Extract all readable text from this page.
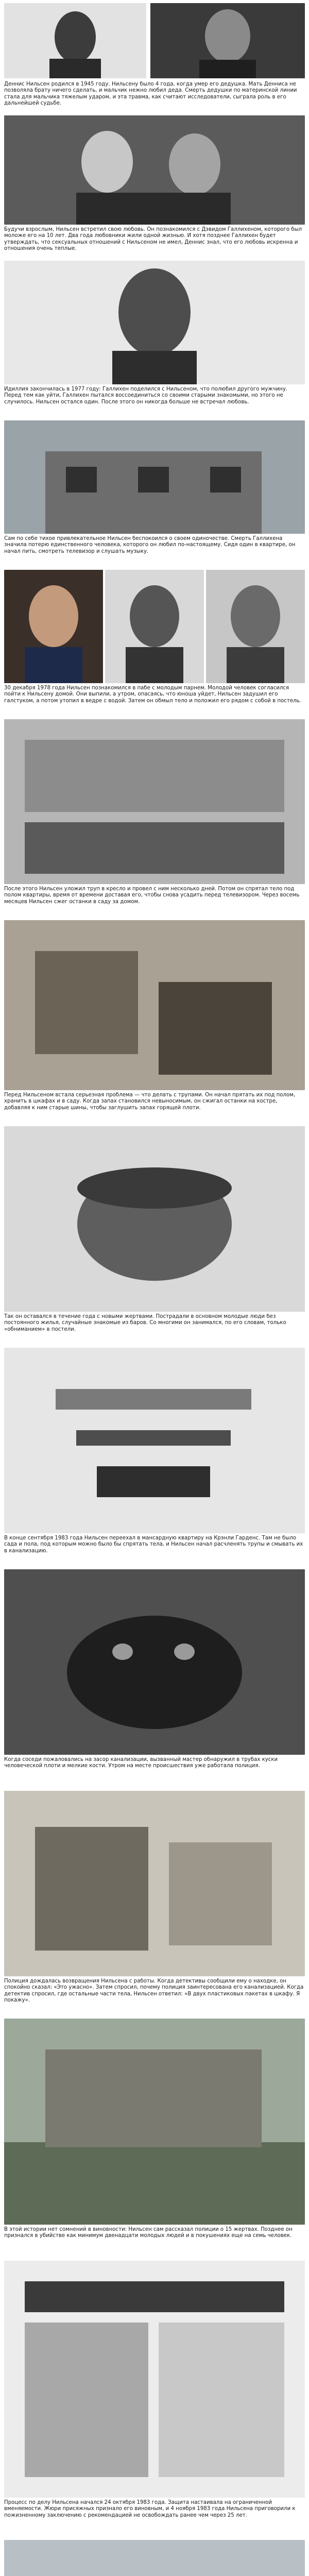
Деннис Нильсен родился в 1945 году. Нильсену было 4 года, когда умер его дедушка. Мать Денниса не позволяла брату ничего сделать, и мальчик нежно любил деда. Смерть дедушки по материнской линии стала для мальчика тяжелым ударом, и эта травма, как считают исследователи, сыграла роль в его дальнейшей судьбе.

Будучи взрослым, Нильсен встретил свою любовь. Он познакомился с Дэвидом Галлихеном, которого был моложе его на 10 лет. Два года любовники жили одной жизнью. И хотя позднее Галлихен будет утверждать, что сексуальных отношений с Нильсеном не имел, Деннис знал, что его любовь искренна и отношения очень теплые.

Идиллия закончилась в 1977 году: Галлихен поделился с Нильсеном, что полюбил другого мужчину. Перед тем как уйти, Галлихен пытался воссоединиться со своими старыми знакомыми, но этого не случилось. Нильсен остался один. После этого он никогда больше не встречал любовь.

Сам по себе тихое привлекательное Нильсен беспокоился о своем одиночестве. Смерть Галлихена значила потерю единственного человека, которого он любил по-настоящему. Сидя один в квартире, он начал пить, смотреть телевизор и слушать музыку.

30 декабря 1978 года Нильсен познакомился в пабе с молодым парнем. Молодой человек согласился пойти к Нильсену домой. Они выпили, а утром, опасаясь, что юноша уйдет, Нильсен задушил его галстуком, а потом утопил в ведре с водой. Затем он обмыл тело и положил его рядом с собой в постель.

После этого Нильсен уложил труп в кресло и провел с ним несколько дней. Потом он спрятал тело под полом квартиры, время от времени доставая его, чтобы снова усадить перед телевизором. Через восемь месяцев Нильсен сжег останки в саду за домом.

Перед Нильсеном встала серьезная проблема — что делать с трупами. Он начал прятать их под полом, хранить в шкафах и в саду. Когда запах становился невыносимым, он сжигал останки на костре, добавляя к ним старые шины, чтобы заглушить запах горящей плоти.

Так он оставался в течение года с новыми жертвами. Пострадали в основном молодые люди без постоянного жилья, случайные знакомые из баров. Со многими он занимался, по его словам, только «обниманием» в постели.

В конце сентября 1983 года Нильсен переехал в мансардную квартиру на Крэнли Гарденс. Там не было сада и пола, под которым можно было бы спрятать тела, и Нильсен начал расчленять трупы и смывать их в канализацию.

Когда соседи пожаловались на засор канализации, вызванный мастер обнаружил в трубах куски человеческой плоти и мелкие кости. Утром на месте происшествия уже работала полиция.

Полиция дождалась возвращения Нильсена с работы. Когда детективы сообщили ему о находке, он спокойно сказал: «Это ужасно». Затем спросил, почему полиция заинтересована его канализацией. Когда детектив спросил, где остальные части тела, Нильсен ответил: «В двух пластиковых пакетах в шкафу. Я покажу».

В этой истории нет сомнений в виновности: Нильсен сам рассказал полиции о 15 жертвах. Позднее он признался в убийстве как минимум двенадцати молодых людей и в покушениях еще на семь человек.

Процесс по делу Нильсена начался 24 октября 1983 года. Защита настаивала на ограниченной вменяемости. Жюри присяжных признало его виновным, и 4 ноября 1983 года Нильсена приговорили к пожизненному заключению с рекомендацией не освобождать ранее чем через 25 лет.
